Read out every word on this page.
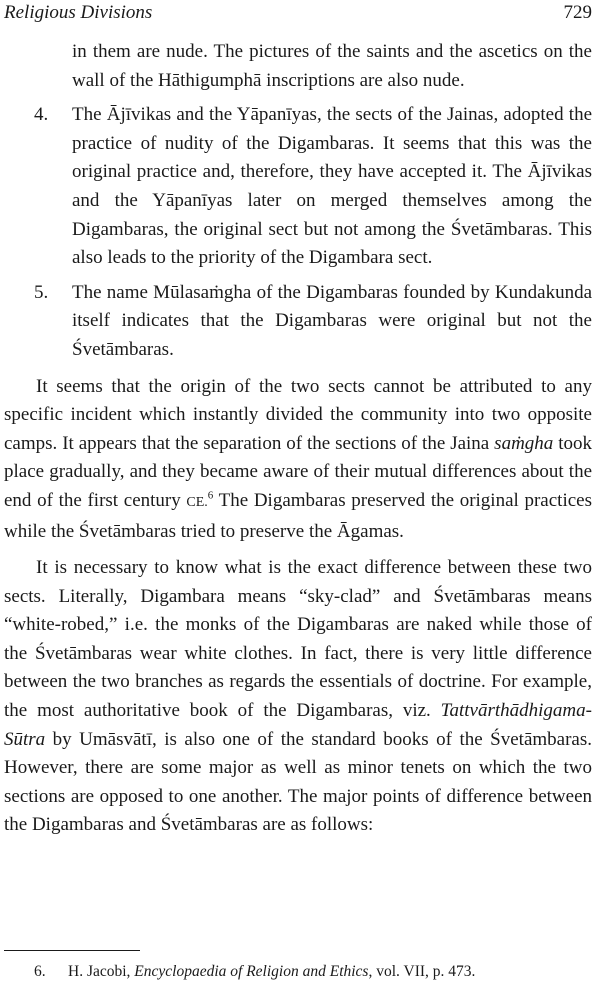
Religious Divisions	729

in them are nude. The pictures of the saints and the ascetics on the wall of the Hāthigumphā inscriptions are also nude.

4. The Ājīvikas and the Yāpanīyas, the sects of the Jainas, adopted the practice of nudity of the Digambaras. It seems that this was the original practice and, therefore, they have accepted it. The Ājīvikas and the Yāpanīyas later on merged themselves among the Digambaras, the original sect but not among the Śvetāmbaras. This also leads to the priority of the Digambara sect.
5. The name Mūlasaṁgha of the Digambaras founded by Kundakunda itself indicates that the Digambaras were original but not the Śvetāmbaras.
It seems that the origin of the two sects cannot be attributed to any specific incident which instantly divided the community into two opposite camps. It appears that the separation of the sections of the Jaina saṁgha took place gradually, and they became aware of their mutual differences about the end of the first century CE.$^6$ The Digambaras preserved the original practices while the Śvetāmbaras tried to preserve the Āgamas.
It is necessary to know what is the exact difference between these two sects. Literally, Digambara means “sky-clad” and Śvetāmbaras means “white-robed,” i.e. the monks of the Digambaras are naked while those of the Śvetāmbaras wear white clothes. In fact, there is very little difference between the two branches as regards the essentials of doctrine. For example, the most authoritative book of the Digambaras, viz. Tattvārthādhigama-Sūtra by Umāsvātī, is also one of the standard books of the Śvetāmbaras. However, there are some major as well as minor tenets on which the two sections are opposed to one another. The major points of difference between the Digambaras and Śvetāmbaras are as follows:
6. H. Jacobi, Encyclopaedia of Religion and Ethics, vol. VII, p. 473.
